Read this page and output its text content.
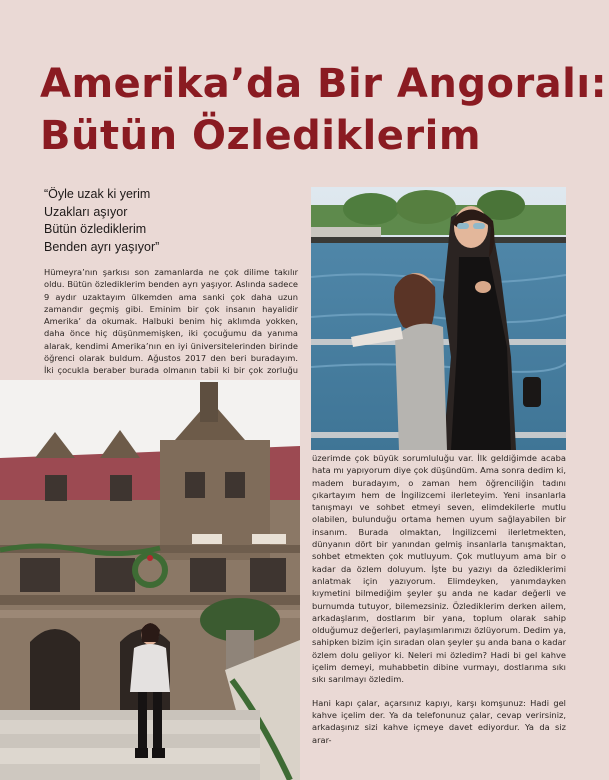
Amerika’da Bir Angoralı:
Bütün Özlediklerim
“Öyle uzak ki yerim
Uzakları aşıyor
Bütün özlediklerim
Benden ayrı yaşıyor”

Hümeyra’nın şarkısı son zamanlarda ne çok dilime takılır oldu. Bütün özlediklerim benden ayrı yaşıyor. Aslında sadece 9 aydır uzaktayım ülkemden ama sanki çok daha uzun zamandır geçmiş gibi. Eminim bir çok insanın hayalidir Amerika’ da okumak. Halbuki benim hiç aklımda yokken, daha önce hiç düşünmemişken, iki çocuğumu da yanıma alarak, kendimi Amerika’nın en iyi üniversitelerinden birinde öğrenci olarak buldum. Ağustos 2017 den beri buradayım. İki çocukla beraber burada olmanın tabii ki bir çok zorluğu

üzerimde çok büyük sorumluluğu var. İlk geldiğimde acaba hata mı yapıyorum diye çok düşündüm. Ama sonra dedim ki, madem buradayım, o zaman hem öğrenciliğin tadını çıkartayım hem de İngilizcemi ilerleteyim. Yeni insanlarla tanışmayı ve sohbet etmeyi seven, elimdekilerle mutlu olabilen, bulunduğu ortama hemen uyum sağlayabilen bir insanım. Burada olmaktan, İngilizcemi ilerletmekten, dünyanın dört bir yanından gelmiş insanlarla tanışmaktan, sohbet etmekten çok mutluyum. Çok mutluyum ama bir o kadar da özlem doluyum. İşte bu yazıyı da özlediklerimi anlatmak için yazıyorum. Elimdeyken, yanımdayken kıymetini bilmediğim şeyler şu anda ne kadar değerli ve burnumda tutuyor, bilemezsiniz. Özlediklerim derken ailem, arkadaşlarım, dostlarım bir yana, toplum olarak sahip olduğumuz değerleri, paylaşımlarımızı özlüyorum. Dedim ya, sahipken bizim için sıradan olan şeyler şu anda bana o kadar özlem dolu geliyor ki. Neleri mi özledim? Hadi bi gel kahve içelim demeyi, muhabbetin dibine vurmayı, dostlarıma sıkı sıkı sarılmayı özledim.

Hani kapı çalar, açarsınız kapıyı, karşı komşunuz: Hadi gel kahve içelim der. Ya da telefonunuz çalar, cevap verirsiniz, arkadaşınız sizi kahve içmeye davet ediyordur. Ya da siz arar-
